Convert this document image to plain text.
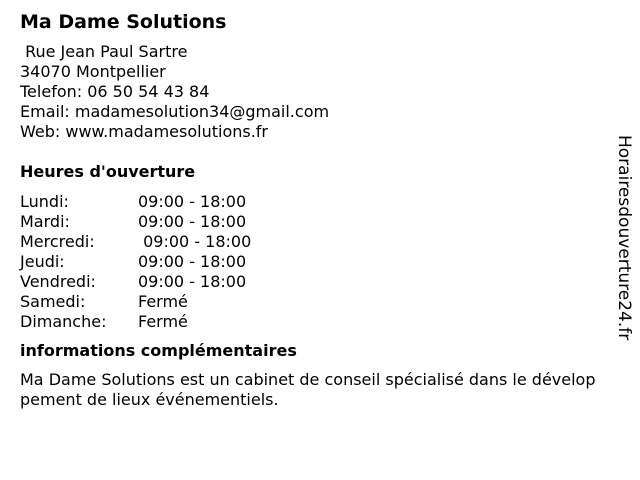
Ma Dame Solutions
Rue Jean Paul Sartre
34070 Montpellier
Telefon: 06 50 54 43 84
Email: madamesolution34@gmail.com
Web: www.madamesolutions.fr
Heures d'ouverture
Lundi:	09:00 - 18:00
Mardi:	09:00 - 18:00
Mercredi:	09:00 - 18:00
Jeudi:	09:00 - 18:00
Vendredi:	09:00 - 18:00
Samedi:	Fermé
Dimanche:	Fermé
informations complémentaires
Ma Dame Solutions est un cabinet de conseil spécialisé dans le développement de lieux événementiels.
Horairesdouverture24.fr
